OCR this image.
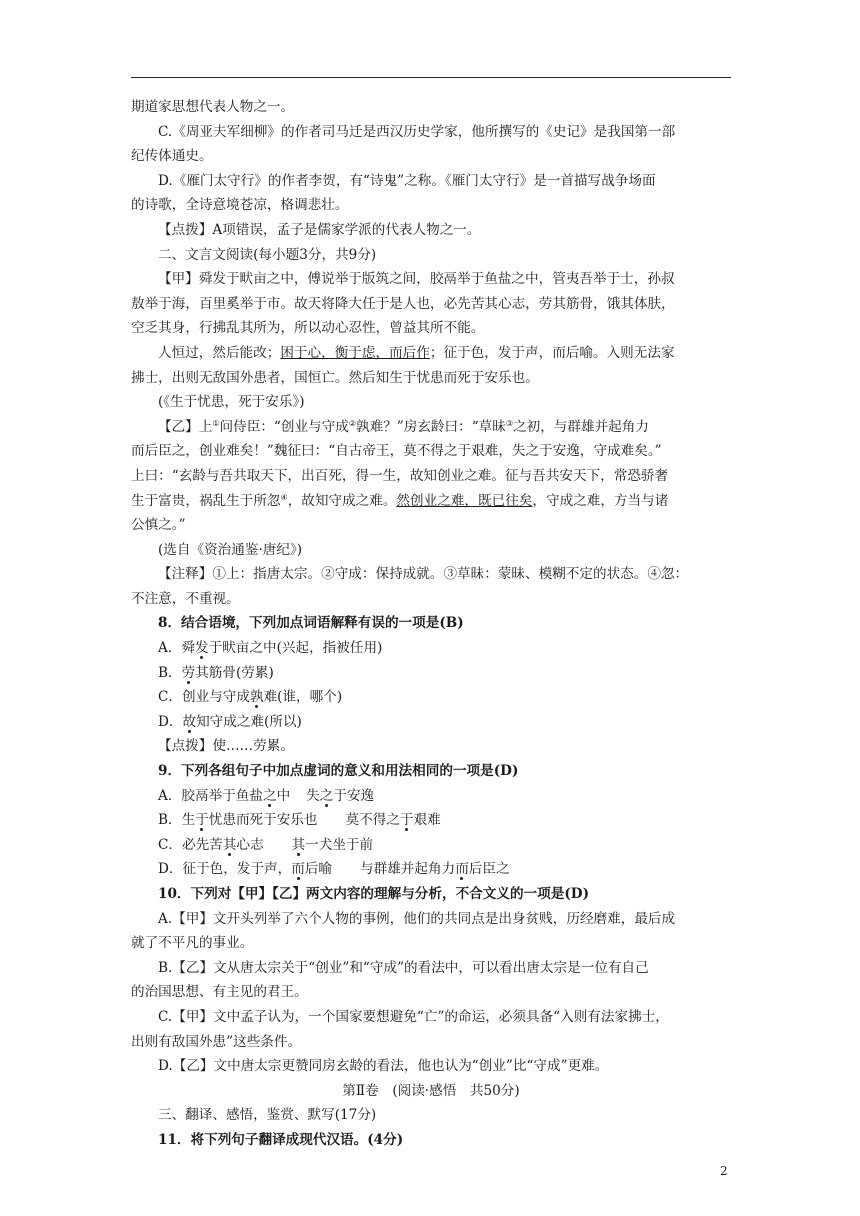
期道家思想代表人物之一。
C.《周亚夫军细柳》的作者司马迁是西汉历史学家，他所撰写的《史记》是我国第一部
纪传体通史。
D.《雁门太守行》的作者李贺，有“诗鬼”之称。《雁门太守行》是一首描写战争场面
的诗歌，全诗意境苍凉，格调悲壮。
【点拨】A项错误，孟子是儒家学派的代表人物之一。
二、文言文阅读(每小题3分，共9分)
【甲】舜发于畎亩之中，傅说举于版筑之间，胶鬲举于鱼盐之中，管夷吾举于士，孙叔
敖举于海，百里奚举于市。故天将降大任于是人也，必先苦其心志，劳其筋骨，饿其体肤，
空乏其身，行拂乱其所为，所以动心忍性，曾益其所不能。
人恒过，然后能改；困于心，衡于虑，而后作；征于色，发于声，而后喻。入则无法家
拂士，出则无敌国外患者，国恒亡。然后知生于忧患而死于安乐也。
(《生于忧患，死于安乐》)
【乙】上①问侍臣：“创业与守成②孰难？”房玄龄曰：“草昧③之初，与群雄并起角力
而后臣之，创业难矣！”魏征曰：“自古帝王，莫不得之于艰难，失之于安逸，守成难矣。”
上曰：“玄龄与吾共取天下，出百死，得一生，故知创业之难。征与吾共安天下，常恐骄奢
生于富贵，祸乱生于所忽④，故知守成之难。然创业之难，既已往矣，守成之难，方当与诸
公慎之。”
(选自《资治通鉴·唐纪》)
【注释】①上：指唐太宗。②守成：保持成就。③草昧：蒙昧、模糊不定的状态。④忽：
不注意，不重视。
8．结合语境，下列加点词语解释有误的一项是(B)
A．舜发于畎亩之中(兴起，指被任用)
B．劳其筋骨(劳累)
C．创业与守成孰难(谁，哪个)
D．故知守成之难(所以)
【点拨】使……劳累。
9．下列各组句子中加点虚词的意义和用法相同的一项是(D)
A．胶鬲举于鱼盐之中 失之于安逸
B．生于忧患而死于安乐也 莫不得之于艰难
C．必先苦其心志 其一犬坐于前
D．征于色，发于声，而后喻 与群雄并起角力而后臣之
10．下列对【甲】【乙】两文内容的理解与分析，不合文义的一项是(D)
A.【甲】文开头列举了六个人物的事例，他们的共同点是出身贫贱，历经磨难，最后成
就了不平凡的事业。
B.【乙】文从唐太宗关于“创业”和“守成”的看法中，可以看出唐太宗是一位有自己
的治国思想、有主见的君王。
C.【甲】文中孟子认为，一个国家要想避免“亡”的命运，必须具备“入则有法家拂士，
出则有敌国外患”这些条件。
D.【乙】文中唐太宗更赞同房玄龄的看法，他也认为“创业”比“守成”更难。
第Ⅱ卷　(阅读·感悟　共50分)
三、翻译、感悟，鉴赏、默写(17分)
11．将下列句子翻译成现代汉语。(4分)
2
